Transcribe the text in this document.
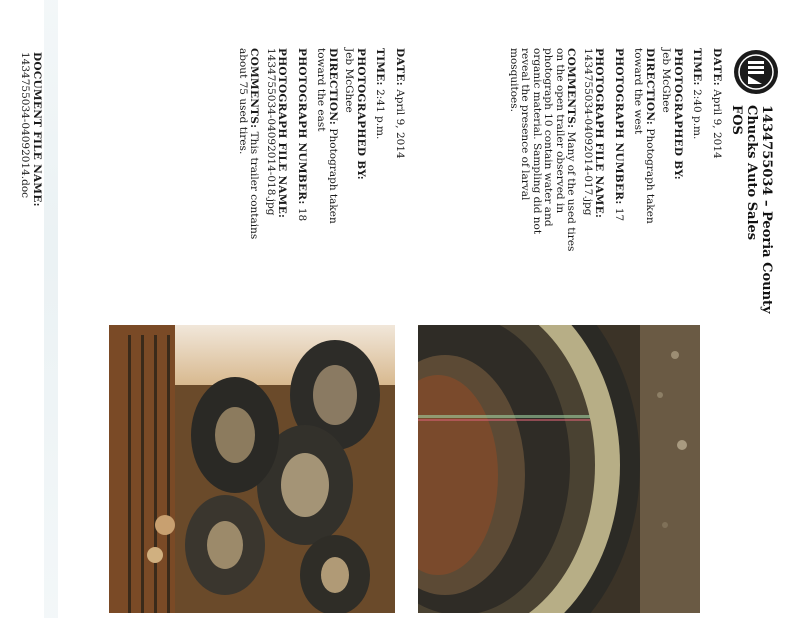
1434755034 – Peoria County
Chucks Auto Sales
FOS
DATE: April 9, 2014
TIME: 2:40 p.m.
PHOTOGRAPHED BY:
Jeb McGhee
DIRECTION: Photograph taken toward the west
PHOTOGRAPH NUMBER: 17
PHOTOGRAPH FILE NAME:
1434755034-04092014-017.jpg
COMMENTS: Many of the used tires on the open trailer observed in photograph 10 contain water and organic material. Sampling did not reveal the presence of larval mosquitoes.
DATE: April 9, 2014
TIME: 2:41 p.m.
PHOTOGRAPHED BY:
Jeb McGhee
DIRECTION: Photograph taken toward the east
PHOTOGRAPH NUMBER: 18
PHOTOGRAPH FILE NAME:
1434755034-04092014-018.jpg
COMMENTS: This trailer contains about 75 used tires.
DOCUMENT FILE NAME:
1434755034-04092014.doc
